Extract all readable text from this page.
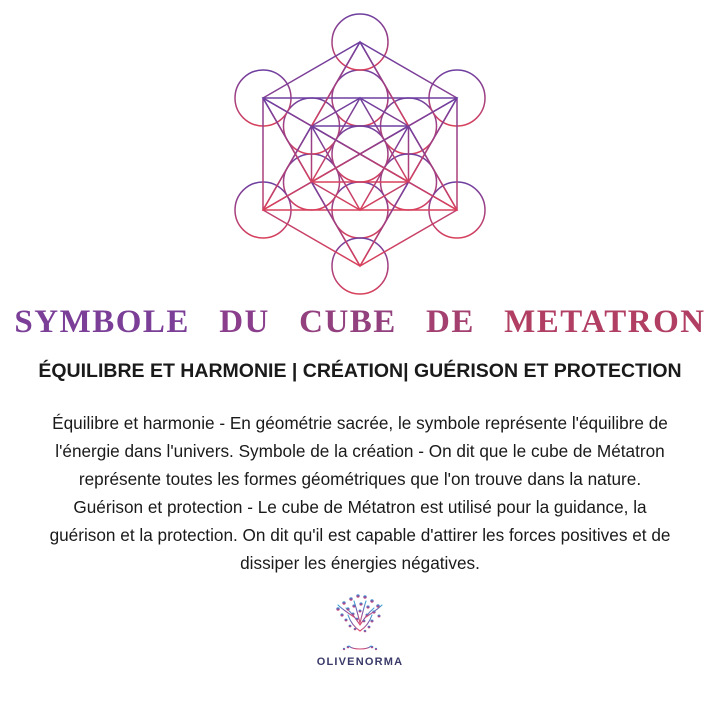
SYMBOLE DU CUBE DE METATRON
ÉQUILIBRE ET HARMONIE | CRÉATION| GUÉRISON ET PROTECTION
Équilibre et harmonie - En géométrie sacrée, le symbole représente l'équilibre de l'énergie dans l'univers. Symbole de la création - On dit que le cube de Métatron représente toutes les formes géométriques que l'on trouve dans la nature. Guérison et protection - Le cube de Métatron est utilisé pour la guidance, la guérison et la protection. On dit qu'il est capable d'attirer les forces positives et de dissiper les énergies négatives.
OLIVENORMA
